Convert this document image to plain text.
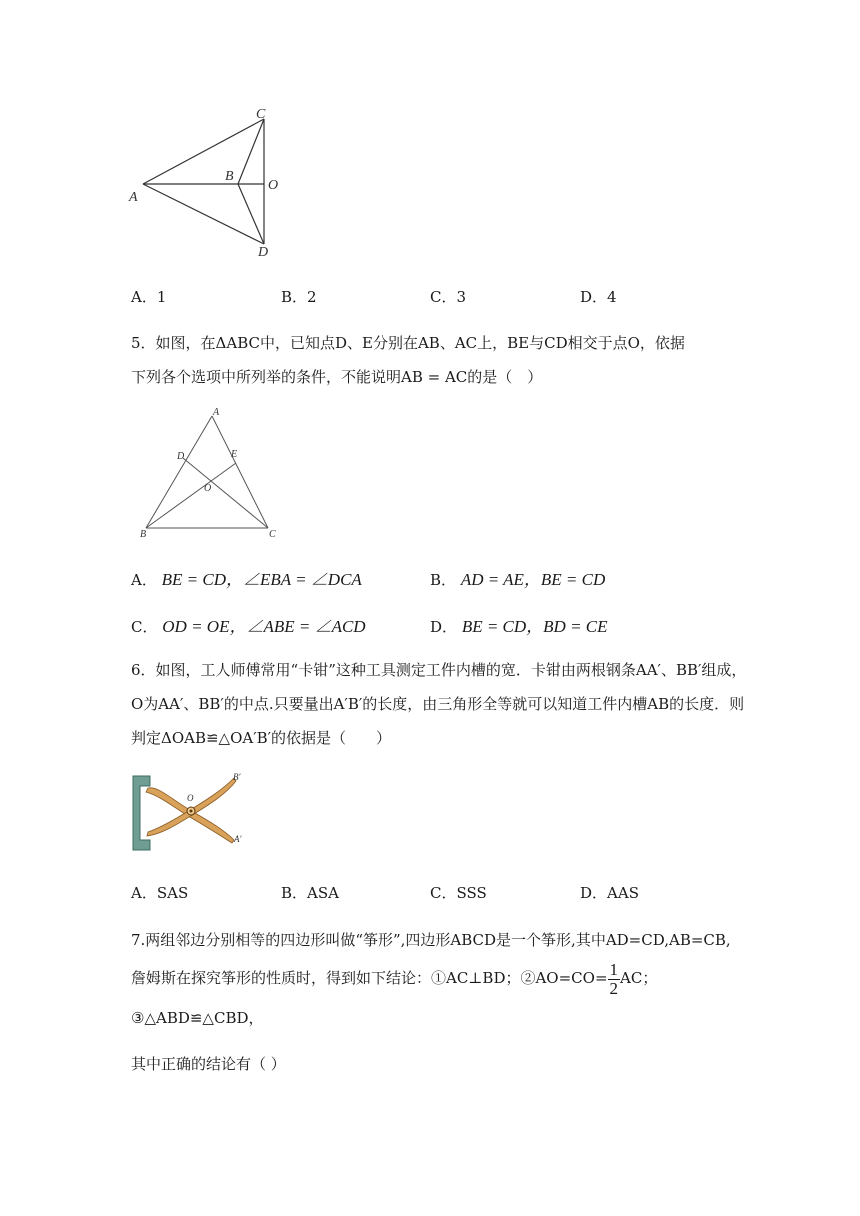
C
B
O
A
D
A．1	B．2	C．3	D．4
5．如图，在ΔABC中，已知点D、E分别在AB、AC上，BE与CD相交于点O，依据
下列各个选项中所列举的条件，不能说明AB = AC的是（　）
A
D	E
O
B	C
A． BE = CD，∠EBA = ∠DCA	B． AD = AE，BE = CD
C． OD = OE，∠ABE = ∠ACD	D． BE = CD，BD = CE
6．如图，工人师傅常用“卡钳”这种工具测定工件内槽的宽．卡钳由两根钢条AA′、BB′组成，
O为AA′、BB′的中点.只要量出A′B′的长度，由三角形全等就可以知道工件内槽AB的长度．则
判定ΔOAB≌△OA′B′的依据是（　　）
B′
O
A′
A．SAS	B．ASA	C．SSS	D．AAS
7.两组邻边分别相等的四边形叫做“筝形”,四边形ABCD是一个筝形,其中AD=CD,AB=CB,
詹姆斯在探究筝形的性质时，得到如下结论：①AC⊥BD；②AO=CO= $\frac{1}{2}$ AC；
③△ABD≌△CBD，
其中正确的结论有（ ）
